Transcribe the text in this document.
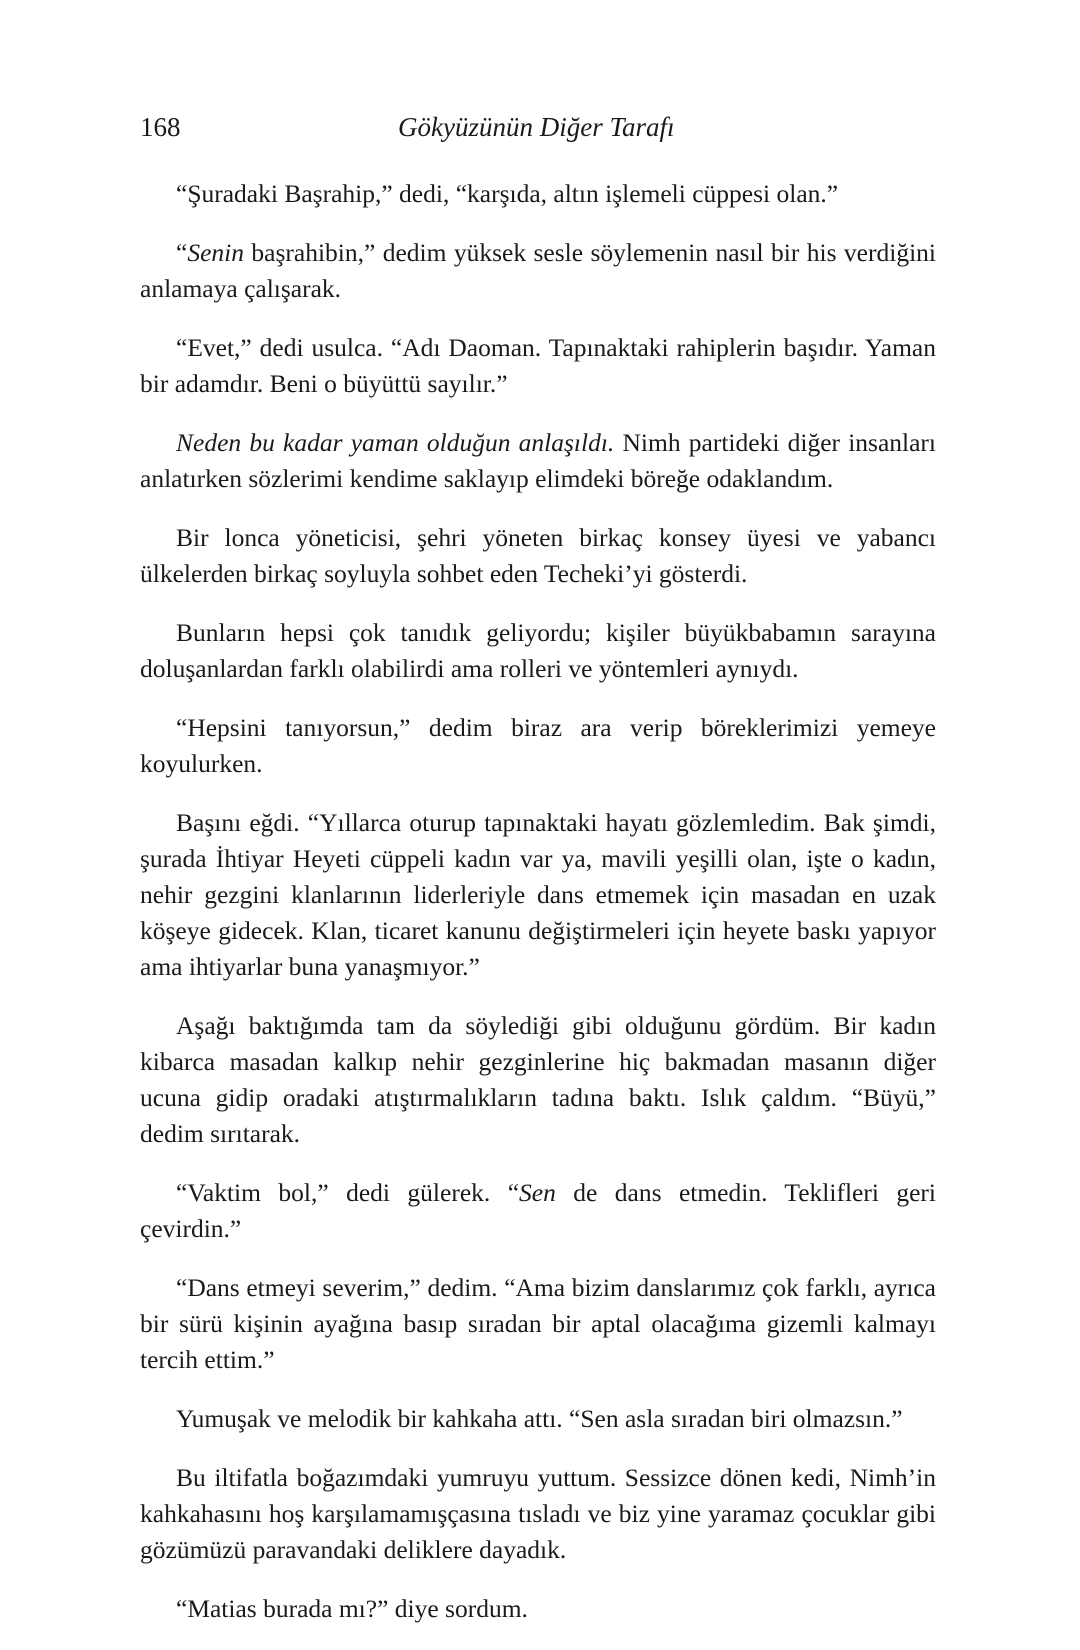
168	Gökyüzünün Diğer Tarafı

“Şuradaki Başrahip,” dedi, “karşıda, altın işlemeli cüppesi olan.”

“Senin başrahibin,” dedim yüksek sesle söylemenin nasıl bir his verdiğini anlamaya çalışarak.

“Evet,” dedi usulca. “Adı Daoman. Tapınaktaki rahiplerin başıdır. Yaman bir adamdır. Beni o büyüttü sayılır.”

Neden bu kadar yaman olduğun anlaşıldı. Nimh partideki diğer insanları anlatırken sözlerimi kendime saklayıp elimdeki böreğe odaklandım.

Bir lonca yöneticisi, şehri yöneten birkaç konsey üyesi ve yabancı ülkelerden birkaç soyluyla sohbet eden Techeki’yi gösterdi.

Bunların hepsi çok tanıdık geliyordu; kişiler büyükbabamın sarayına doluşanlardan farklı olabilirdi ama rolleri ve yöntemleri aynıydı.

“Hepsini tanıyorsun,” dedim biraz ara verip böreklerimizi yemeye koyulurken.

Başını eğdi. “Yıllarca oturup tapınaktaki hayatı gözlemledim. Bak şimdi, şurada İhtiyar Heyeti cüppeli kadın var ya, mavili yeşilli olan, işte o kadın, nehir gezgini klanlarının liderleriyle dans etmemek için masadan en uzak köşeye gidecek. Klan, ticaret kanunu değiştirmeleri için heyete baskı yapıyor ama ihtiyarlar buna yanaşmıyor.”

Aşağı baktığımda tam da söylediği gibi olduğunu gördüm. Bir kadın kibarca masadan kalkıp nehir gezginlerine hiç bakmadan masanın diğer ucuna gidip oradaki atıştırmalıkların tadına baktı. Islık çaldım. “Büyü,” dedim sırıtarak.

“Vaktim bol,” dedi gülerek. “Sen de dans etmedin. Teklifleri geri çevirdin.”

“Dans etmeyi severim,” dedim. “Ama bizim danslarımız çok farklı, ayrıca bir sürü kişinin ayağına basıp sıradan bir aptal olacağıma gizemli kalmayı tercih ettim.”

Yumuşak ve melodik bir kahkaha attı. “Sen asla sıradan biri olmazsın.”

Bu iltifatla boğazımdaki yumruyu yuttum. Sessizce dönen kedi, Nimh’in kahkahasını hoş karşılamamışçasına tısladı ve biz yine yaramaz çocuklar gibi gözümüzü paravandaki deliklere dayadık.

“Matias burada mı?” diye sordum.
